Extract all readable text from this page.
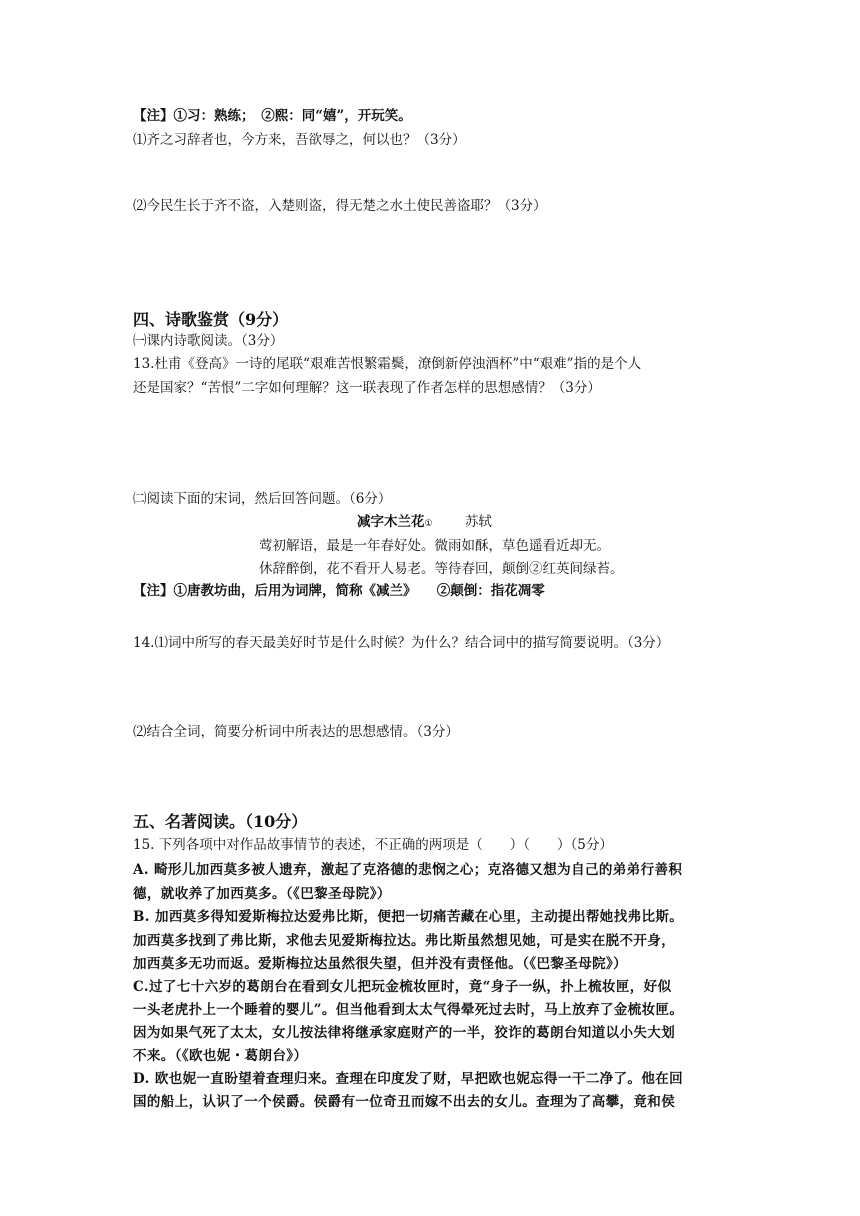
【注】①习：熟练；　②熙：同“嬉”，开玩笑。
⑴齐之习辞者也，今方来，吾欲辱之，何以也？（3分）
⑵今民生长于齐不盗，入楚则盗，得无楚之水土使民善盗耶？（3分）
四、诗歌鉴赏（9分）
㈠课内诗歌阅读。（3分）
13.杜甫《登高》一诗的尾联“艰难苦恨繁霜鬓，潦倒新停浊酒杯”中“艰难”指的是个人
还是国家？“苦恨”二字如何理解？这一联表现了作者怎样的思想感情？（3分）
㈡阅读下面的宋词，然后回答问题。（6分）
减字木兰花① 苏轼
莺初解语，最是一年春好处。微雨如酥，草色遥看近却无。
休辞醉倒，花不看开人易老。等待春回，颠倒②红英间绿苔。
【注】①唐教坊曲，后用为词牌，简称《减兰》　　②颠倒：指花凋零
14.⑴词中所写的春天最美好时节是什么时候？为什么？结合词中的描写简要说明。（3分）
⑵结合全词，简要分析词中所表达的思想感情。（3分）
五、名著阅读。（10分）
15. 下列各项中对作品故事情节的表述，不正确的两项是（　　）（　　）（5分）
A. 畸形儿加西莫多被人遗弃，激起了克洛德的悲悯之心；克洛德又想为自己的弟弟行善积
德，就收养了加西莫多。（《巴黎圣母院》）
B. 加西莫多得知爱斯梅拉达爱弗比斯，便把一切痛苦藏在心里，主动提出帮她找弗比斯。
加西莫多找到了弗比斯，求他去见爱斯梅拉达。弗比斯虽然想见她，可是实在脱不开身，
加西莫多无功而返。爱斯梅拉达虽然很失望，但并没有责怪他。（《巴黎圣母院》）
C.过了七十六岁的葛朗台在看到女儿把玩金梳妆匣时，竟“身子一纵，扑上梳妆匣，好似
一头老虎扑上一个睡着的婴儿”。但当他看到太太气得晕死过去时，马上放弃了金梳妆匣。
因为如果气死了太太，女儿按法律将继承家庭财产的一半，狡诈的葛朗台知道以小失大划
不来。（《欧也妮・葛朗台》）
D. 欧也妮一直盼望着查理归来。查理在印度发了财，早把欧也妮忘得一干二净了。他在回
国的船上，认识了一个侯爵。侯爵有一位奇丑而嫁不出去的女儿。查理为了高攀，竟和侯
